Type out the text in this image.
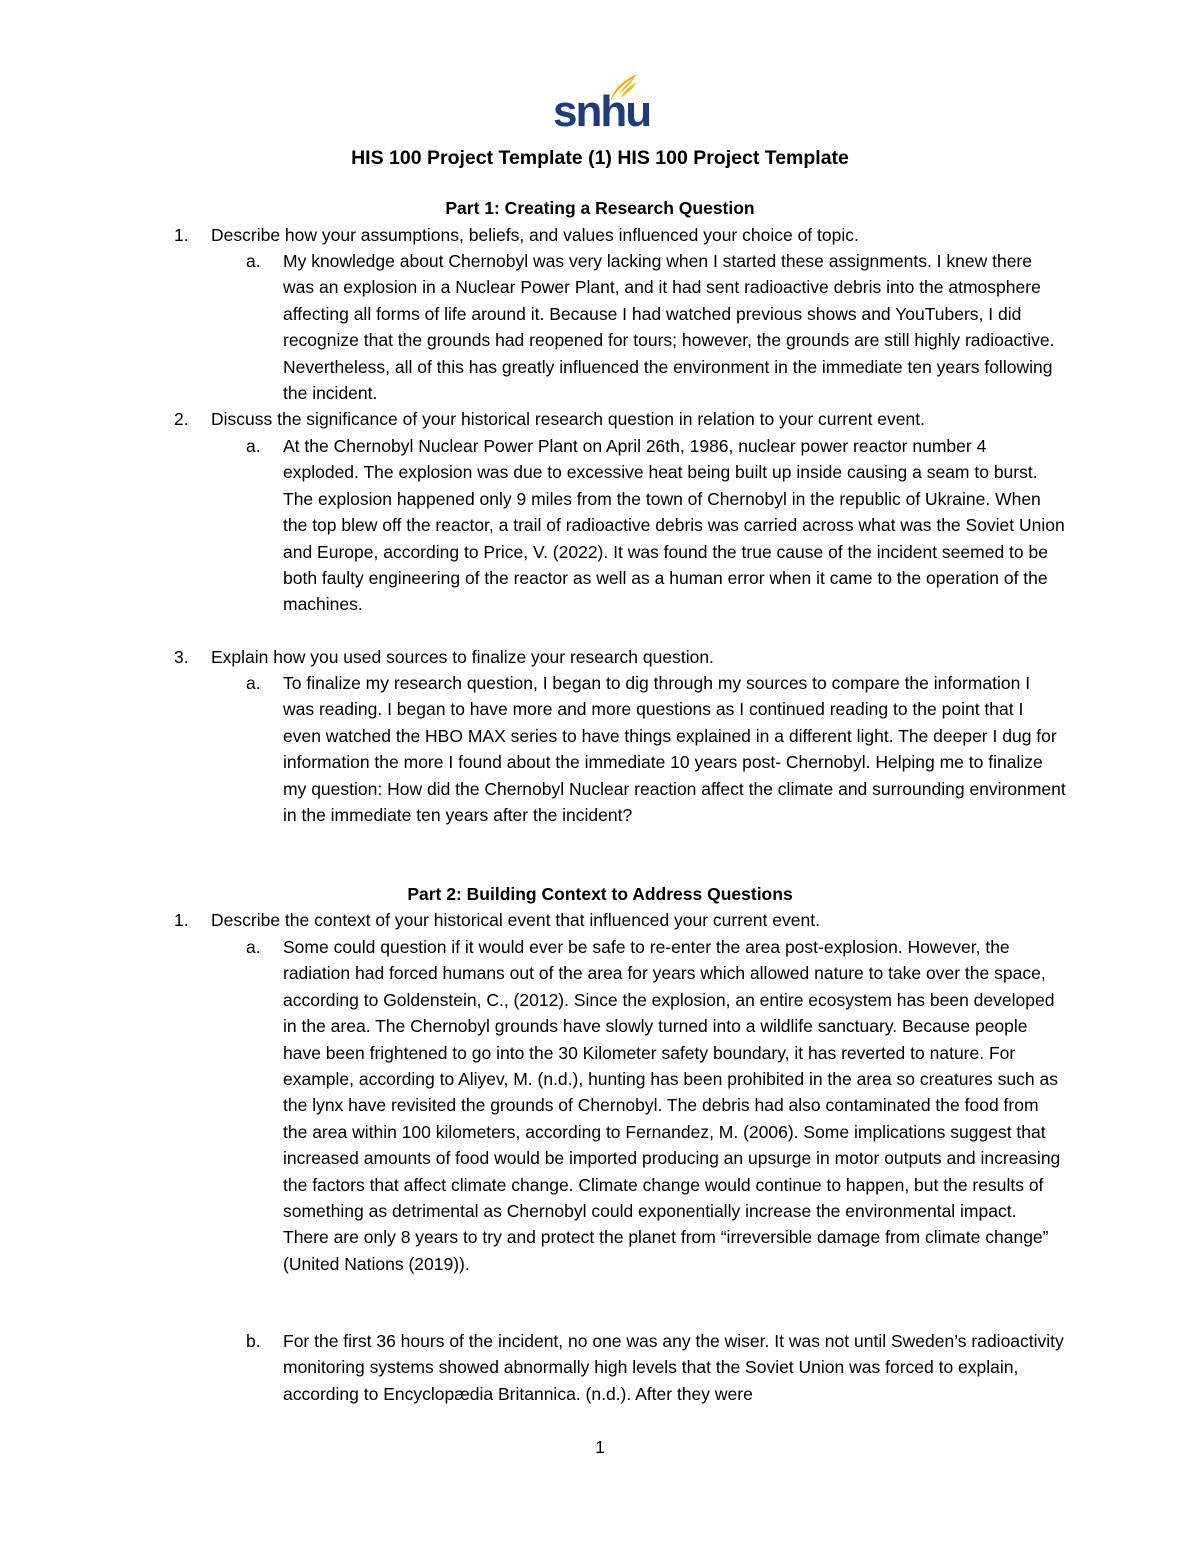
snhu
HIS 100 Project Template (1) HIS 100 Project Template
Part 1: Creating a Research Question
1. Describe how your assumptions, beliefs, and values influenced your choice of topic.
a. My knowledge about Chernobyl was very lacking when I started these assignments. I knew there was an explosion in a Nuclear Power Plant, and it had sent radioactive debris into the atmosphere affecting all forms of life around it. Because I had watched previous shows and YouTubers, I did recognize that the grounds had reopened for tours; however, the grounds are still highly radioactive. Nevertheless, all of this has greatly influenced the environment in the immediate ten years following the incident.
2. Discuss the significance of your historical research question in relation to your current event.
a. At the Chernobyl Nuclear Power Plant on April 26th, 1986, nuclear power reactor number 4 exploded. The explosion was due to excessive heat being built up inside causing a seam to burst. The explosion happened only 9 miles from the town of Chernobyl in the republic of Ukraine. When the top blew off the reactor, a trail of radioactive debris was carried across what was the Soviet Union and Europe, according to Price, V. (2022). It was found the true cause of the incident seemed to be both faulty engineering of the reactor as well as a human error when it came to the operation of the machines.
3. Explain how you used sources to finalize your research question.
a. To finalize my research question, I began to dig through my sources to compare the information I was reading. I began to have more and more questions as I continued reading to the point that I even watched the HBO MAX series to have things explained in a different light. The deeper I dug for information the more I found about the immediate 10 years post- Chernobyl. Helping me to finalize my question: How did the Chernobyl Nuclear reaction affect the climate and surrounding environment in the immediate ten years after the incident?
Part 2: Building Context to Address Questions
1. Describe the context of your historical event that influenced your current event.
a. Some could question if it would ever be safe to re-enter the area post-explosion. However, the radiation had forced humans out of the area for years which allowed nature to take over the space, according to Goldenstein, C., (2012). Since the explosion, an entire ecosystem has been developed in the area. The Chernobyl grounds have slowly turned into a wildlife sanctuary. Because people have been frightened to go into the 30 Kilometer safety boundary, it has reverted to nature. For example, according to Aliyev, M. (n.d.), hunting has been prohibited in the area so creatures such as the lynx have revisited the grounds of Chernobyl. The debris had also contaminated the food from the area within 100 kilometers, according to Fernandez, M. (2006). Some implications suggest that increased amounts of food would be imported producing an upsurge in motor outputs and increasing the factors that affect climate change. Climate change would continue to happen, but the results of something as detrimental as Chernobyl could exponentially increase the environmental impact. There are only 8 years to try and protect the planet from “irreversible damage from climate change” (United Nations (2019)).
b. For the first 36 hours of the incident, no one was any the wiser. It was not until Sweden’s radioactivity monitoring systems showed abnormally high levels that the Soviet Union was forced to explain, according to Encyclopædia Britannica. (n.d.). After they were
1
